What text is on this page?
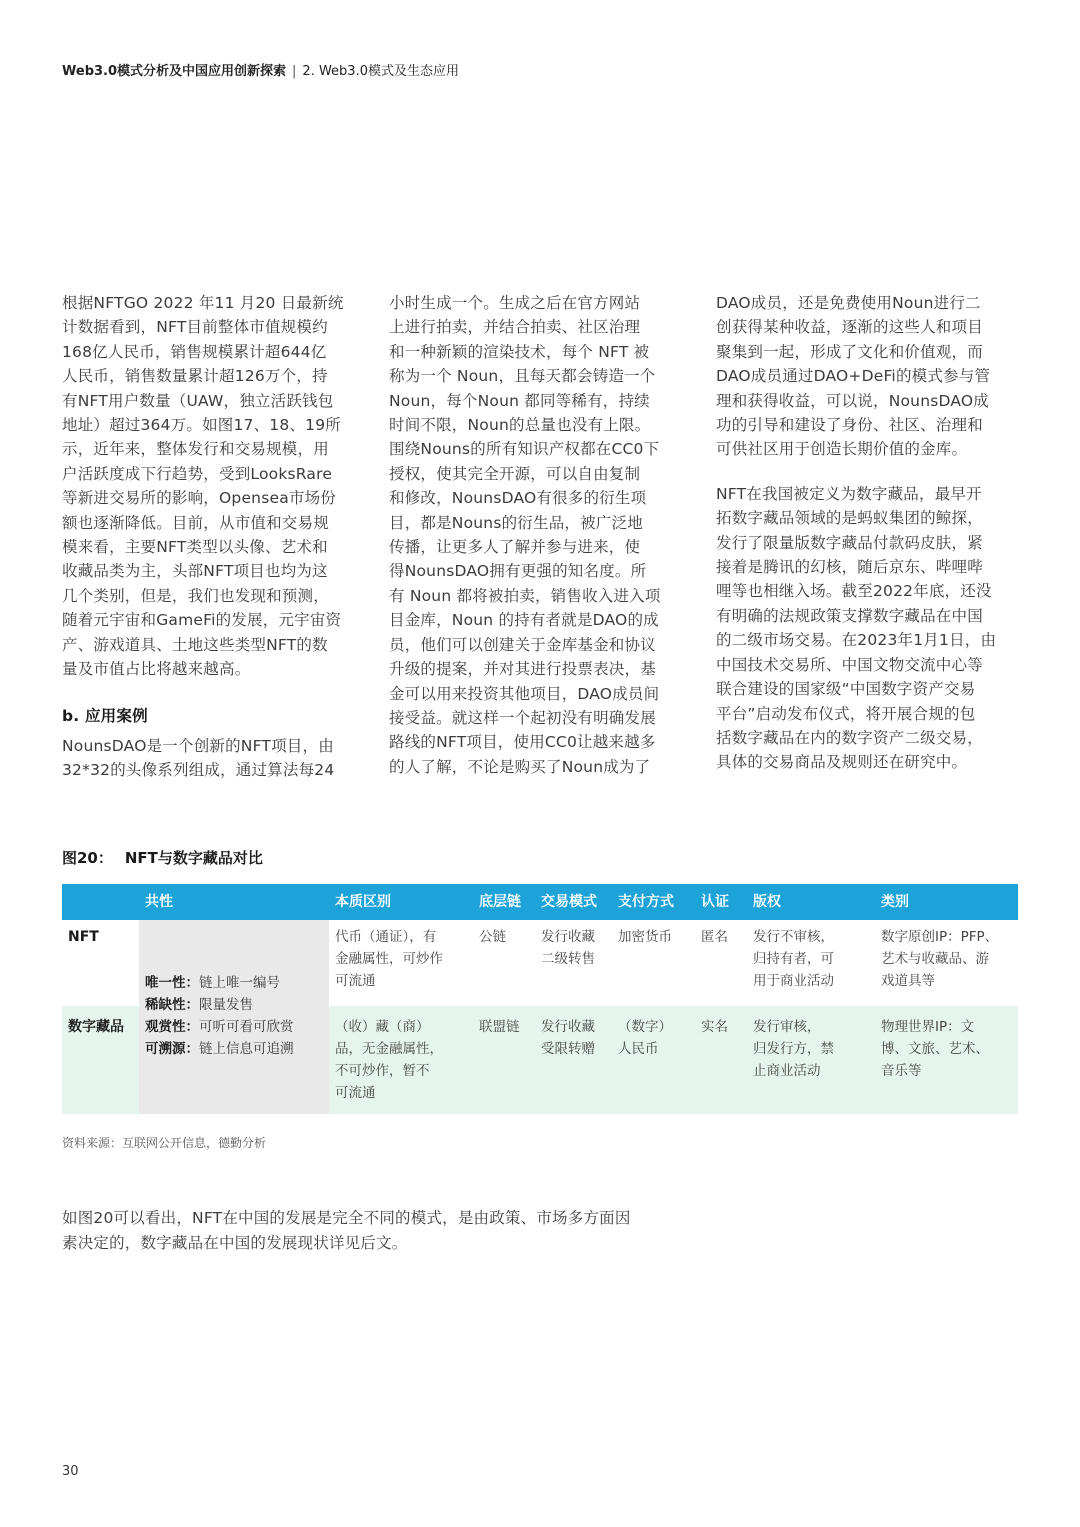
Web3.0模式分析及中国应用创新探索 | 2. Web3.0模式及生态应用
根据NFTGO 2022 年11 月20 日最新统
计数据看到，NFT目前整体市值规模约
168亿人民币，销售规模累计超644亿
人民币，销售数量累计超126万个，持
有NFT用户数量（UAW，独立活跃钱包
地址）超过364万。如图17、18、19所
示，近年来，整体发行和交易规模，用
户活跃度成下行趋势，受到LooksRare
等新进交易所的影响，Opensea市场份
额也逐渐降低。目前，从市值和交易规
模来看，主要NFT类型以头像、艺术和
收藏品类为主，头部NFT项目也均为这
几个类别，但是，我们也发现和预测，
随着元宇宙和GameFi的发展，元宇宙资
产、游戏道具、土地这些类型NFT的数
量及市值占比将越来越高。
b. 应用案例
NounsDAO是一个创新的NFT项目，由
32*32的头像系列组成，通过算法每24
小时生成一个。生成之后在官方网站
上进行拍卖，并结合拍卖、社区治理
和一种新颖的渲染技术，每个 NFT 被
称为一个 Noun，且每天都会铸造一个
Noun，每个Noun 都同等稀有，持续
时间不限，Noun的总量也没有上限。
围绕Nouns的所有知识产权都在CC0下
授权，使其完全开源，可以自由复制
和修改，NounsDAO有很多的衍生项
目，都是Nouns的衍生品，被广泛地
传播，让更多人了解并参与进来，使
得NounsDAO拥有更强的知名度。所
有 Noun 都将被拍卖，销售收入进入项
目金库，Noun 的持有者就是DAO的成
员，他们可以创建关于金库基金和协议
升级的提案，并对其进行投票表决，基
金可以用来投资其他项目，DAO成员间
接受益。就这样一个起初没有明确发展
路线的NFT项目，使用CC0让越来越多
的人了解，不论是购买了Noun成为了
DAO成员，还是免费使用Noun进行二
创获得某种收益，逐渐的这些人和项目
聚集到一起，形成了文化和价值观，而
DAO成员通过DAO+DeFi的模式参与管
理和获得收益，可以说，NounsDAO成
功的引导和建设了身份、社区、治理和
可供社区用于创造长期价值的金库。
NFT在我国被定义为数字藏品，最早开
拓数字藏品领域的是蚂蚁集团的鲸探，
发行了限量版数字藏品付款码皮肤，紧
接着是腾讯的幻核，随后京东、哔哩哔
哩等也相继入场。截至2022年底，还没
有明确的法规政策支撑数字藏品在中国
的二级市场交易。在2023年1月1日，由
中国技术交易所、中国文物交流中心等
联合建设的国家级“中国数字资产交易
平台”启动发布仪式，将开展合规的包
括数字藏品在内的数字资产二级交易，
具体的交易商品及规则还在研究中。
图20： NFT与数字藏品对比
	共性	本质区别	底层链	交易模式	支付方式	认证	版权	类别
NFT	唯一性：链上唯一编号
稀缺性：限量发售
观赏性：可听可看可欣赏
可溯源：链上信息可追溯	代币（通证），有
金融属性，可炒作
可流通	公链	发行收藏
二级转售	加密货币	匿名	发行不审核，
归持有者，可
用于商业活动	数字原创IP：PFP、
艺术与收藏品、游
戏道具等

数字藏品		（收）藏（商）
品，无金融属性，
不可炒作，暂不
可流通	联盟链	发行收藏
受限转赠	（数字）
人民币	实名	发行审核，
归发行方，禁
止商业活动	物理世界IP：文
博、文旅、艺术、
音乐等
资料来源：互联网公开信息，德勤分析
如图20可以看出，NFT在中国的发展是完全不同的模式，是由政策、市场多方面因
素决定的，数字藏品在中国的发展现状详见后文。
30
